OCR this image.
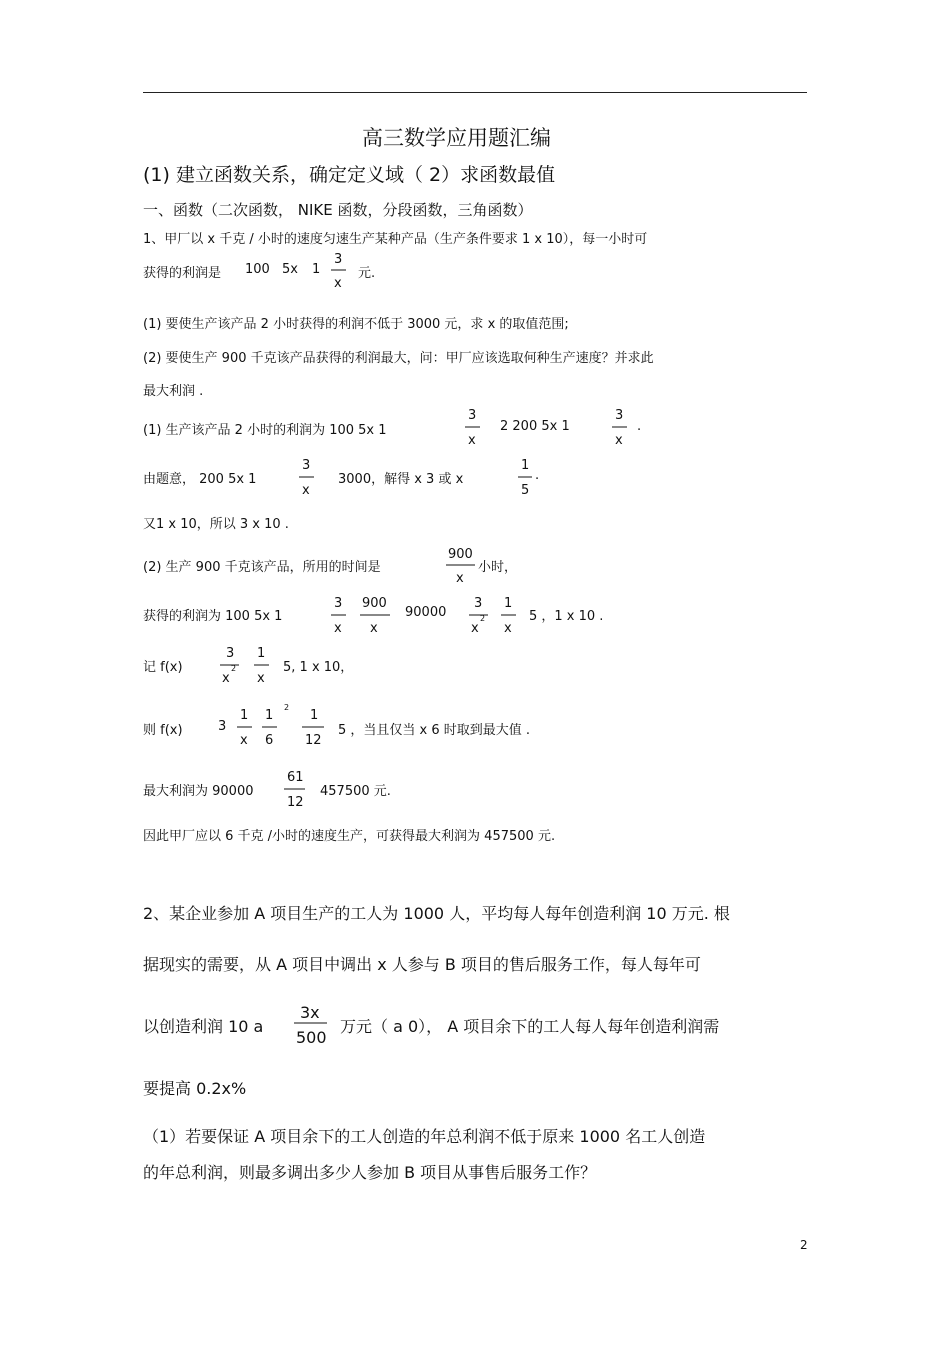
高三数学应用题汇编
(1) 建立函数关系，确定定义域（ 2）求函数最值
一、函数（二次函数， NIKE 函数，分段函数，三角函数）
1、甲厂以 x 千克 / 小时的速度匀速生产某种产品（生产条件要求 1 x 10），每一小时可
获得的利润是 100 5x 1
3
x
元.
(1) 要使生产该产品 2 小时获得的利润不低于 3000 元，求 x 的取值范围;
(2) 要使生产 900 千克该产品获得的利润最大，问：甲厂应该选取何种生产速度？并求此
最大利润 .
(1) 生产该产品 2 小时的利润为 100 5x 1
3
x
2 200 5x 1
3
x
.
由题意， 200 5x 1
3
x
3000，解得 x 3 或 x
1
5
.
又1 x 10，所以 3 x 10 .
(2) 生产 900 千克该产品，所用的时间是
900
x
小时，
获得的利润为 100 5x 1
3
x
900
x
90000
3
x
2
1
x
5 ，1 x 10 .
记 f(x)
3
x
2
1
x
5, 1 x 10，
则 f(x)	3
1
x
1
6
2
1
12
5 ，当且仅当 x 6 时取到最大值 .
最大利润为 90000
61
12
457500 元.
因此甲厂应以 6 千克 /小时的速度生产，可获得最大利润为 457500 元.
2、某企业参加 A 项目生产的工人为 1000 人，平均每人每年创造利润 10 万元. 根
据现实的需要，从 A 项目中调出 x 人参与 B 项目的售后服务工作，每人每年可
以创造利润 10 a
3x
500
万元（ a 0）， A 项目余下的工人每人每年创造利润需
要提高 0.2x%
（1）若要保证 A 项目余下的工人创造的年总利润不低于原来 1000 名工人创造
的年总利润，则最多调出多少人参加 B 项目从事售后服务工作？
2
